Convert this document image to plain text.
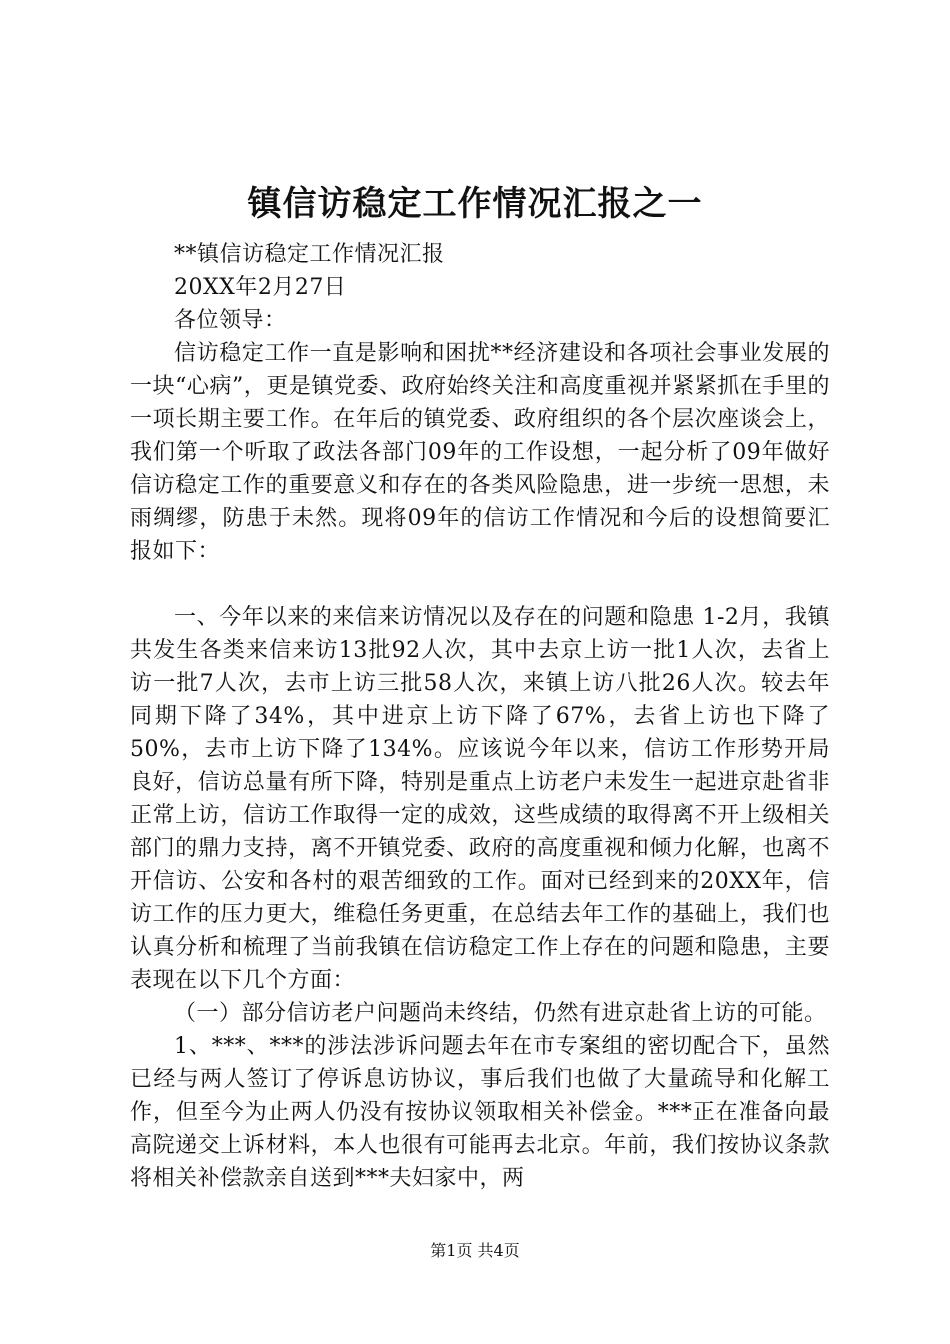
镇信访稳定工作情况汇报之一

**镇信访稳定工作情况汇报

20XX年2月27日

各位领导：

信访稳定工作一直是影响和困扰**经济建设和各项社会事业发展的一块“心病”，更是镇党委、政府始终关注和高度重视并紧紧抓在手里的一项长期主要工作。在年后的镇党委、政府组织的各个层次座谈会上，我们第一个听取了政法各部门09年的工作设想，一起分析了09年做好信访稳定工作的重要意义和存在的各类风险隐患，进一步统一思想，未雨绸缪，防患于未然。现将09年的信访工作情况和今后的设想简要汇报如下：

一、今年以来的来信来访情况以及存在的问题和隐患 1-2月，我镇共发生各类来信来访13批92人次，其中去京上访一批1人次，去省上访一批7人次，去市上访三批58人次，来镇上访八批26人次。较去年同期下降了34%，其中进京上访下降了67%，去省上访也下降了50%，去市上访下降了134%。应该说今年以来，信访工作形势开局良好，信访总量有所下降，特别是重点上访老户未发生一起进京赴省非正常上访，信访工作取得一定的成效，这些成绩的取得离不开上级相关部门的鼎力支持，离不开镇党委、政府的高度重视和倾力化解，也离不开信访、公安和各村的艰苦细致的工作。面对已经到来的20XX年，信访工作的压力更大，维稳任务更重，在总结去年工作的基础上，我们也认真分析和梳理了当前我镇在信访稳定工作上存在的问题和隐患，主要表现在以下几个方面：

（一）部分信访老户问题尚未终结，仍然有进京赴省上访的可能。

1、***、***的涉法涉诉问题去年在市专案组的密切配合下，虽然已经与两人签订了停诉息访协议，事后我们也做了大量疏导和化解工作，但至今为止两人仍没有按协议领取相关补偿金。***正在准备向最高院递交上诉材料，本人也很有可能再去北京。年前，我们按协议条款将相关补偿款亲自送到***夫妇家中，两

第1页 共4页
